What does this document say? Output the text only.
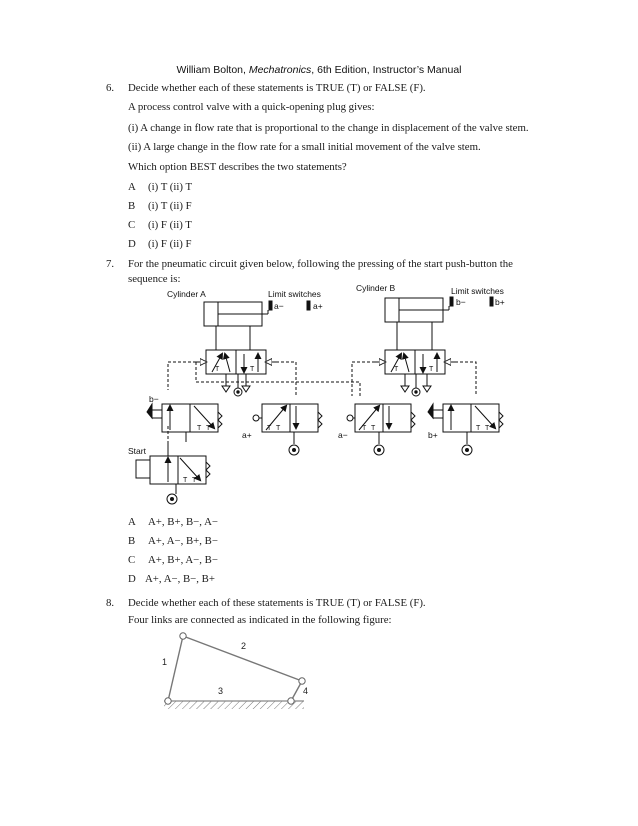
William Bolton, Mechatronics, 6th Edition, Instructor’s Manual
6. Decide whether each of these statements is TRUE (T) or FALSE (F).
A process control valve with a quick-opening plug gives:
(i) A change in flow rate that is proportional to the change in displacement of the valve stem.
(ii) A large change in the flow rate for a small initial movement of the valve stem.
Which option BEST describes the two statements?
A (i) T (ii) T
B (i) T (ii) F
C (i) F (ii) T
D (i) F (ii) F
7. For the pneumatic circuit given below, following the pressing of the start push-button the
sequence is:
Cylinder A	Limit switches
a−	a+
Cylinder B	Limit switches
b−	b+
b−
a+	a−	b+
Start
T	T	T	T
T T	T T	T T	T T
T T
A A+, B+, B−, A−
B A+, A−, B+, B−
C A+, B+, A−, B−
D A+, A−, B−, B+
8. Decide whether each of these statements is TRUE (T) or FALSE (F).
Four links are connected as indicated in the following figure:
1
2
3	4
